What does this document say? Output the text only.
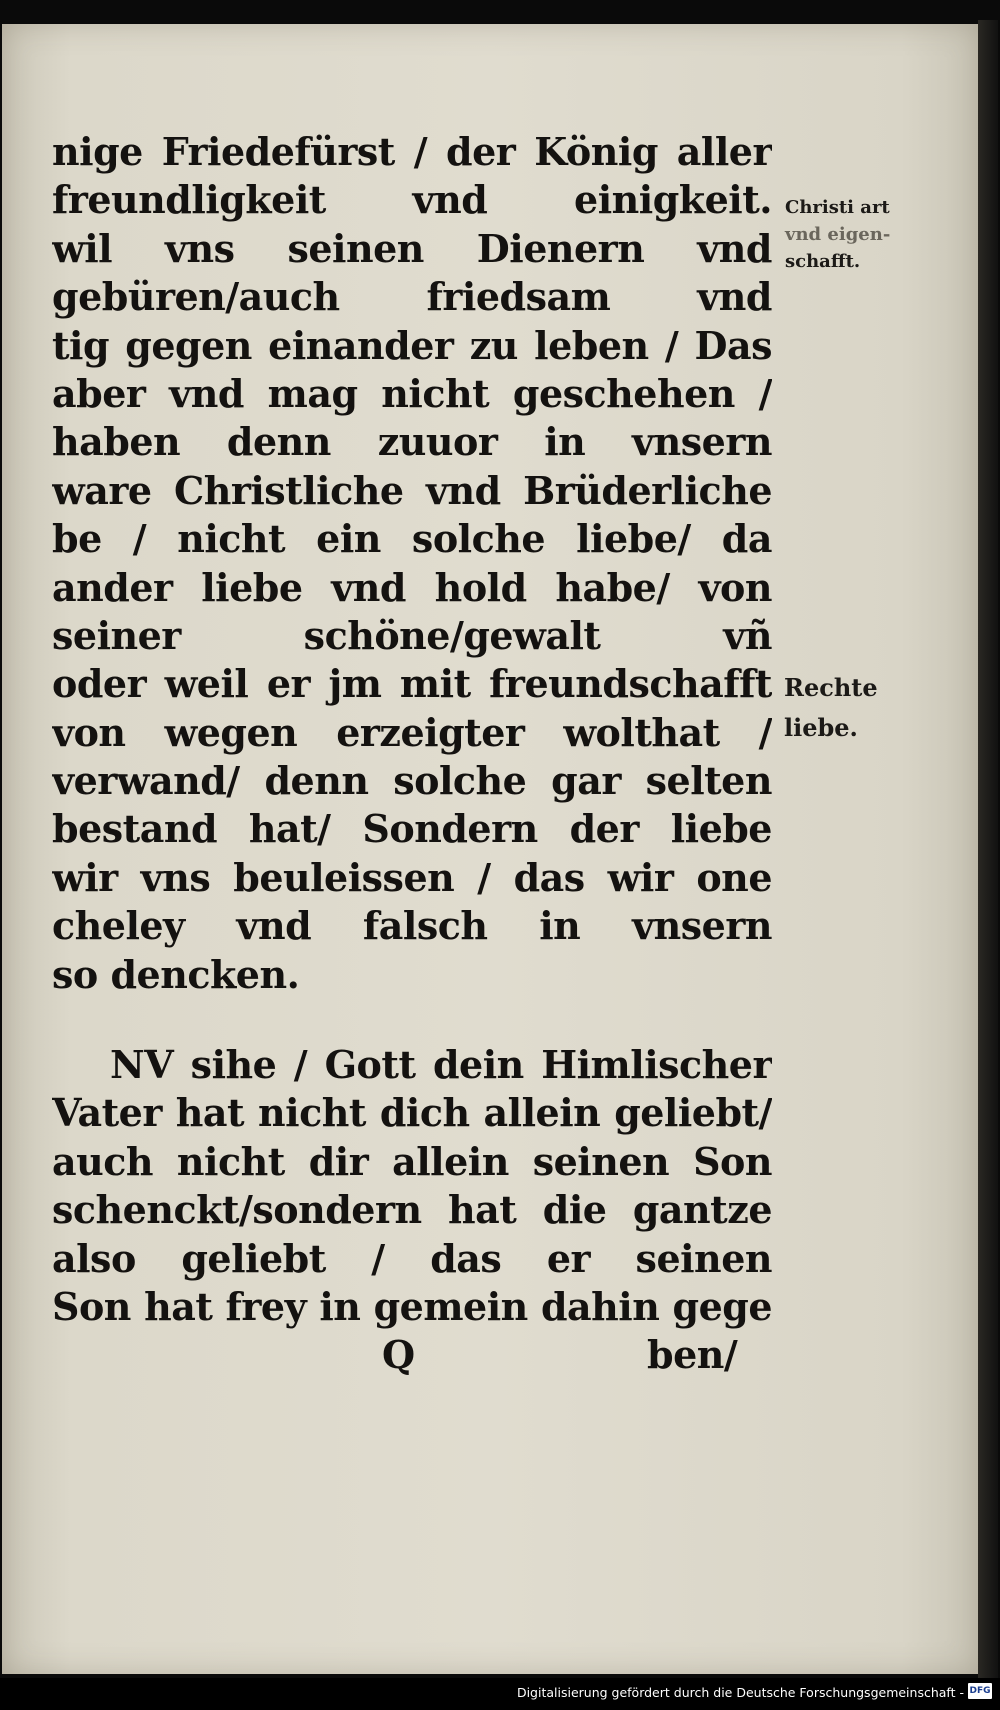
nige Friedefürst / der König aller
freundligkeit vnd einigkeit.
wil vns seinen Dienern vnd
gebüren/auch friedsam vnd
tig gegen einander zu leben / Das
aber vnd mag nicht geschehen /
haben denn zuuor in vnsern
ware Christliche vnd Brüderliche
be / nicht ein solche liebe/ da
ander liebe vnd hold habe/ von
seiner schöne/gewalt vñ
oder weil er jm mit freundschafft
von wegen erzeigter wolthat /
verwand/ denn solche gar selten
bestand hat/ Sondern der liebe
wir vns beuleissen / das wir one
cheley vnd falsch in vnsern
so dencken.
NV sihe / Gott dein Himlischer
Vater hat nicht dich allein geliebt/
auch nicht dir allein seinen Son
schenckt/sondern hat die gantze
also geliebt / das er seinen
Son hat frey in gemein dahin gege
Q	ben/
Christi art
vnd eigen-
schafft.
Rechte
liebe.
Digitalisierung gefördert durch die Deutsche Forschungsgemeinschaft - DFG
